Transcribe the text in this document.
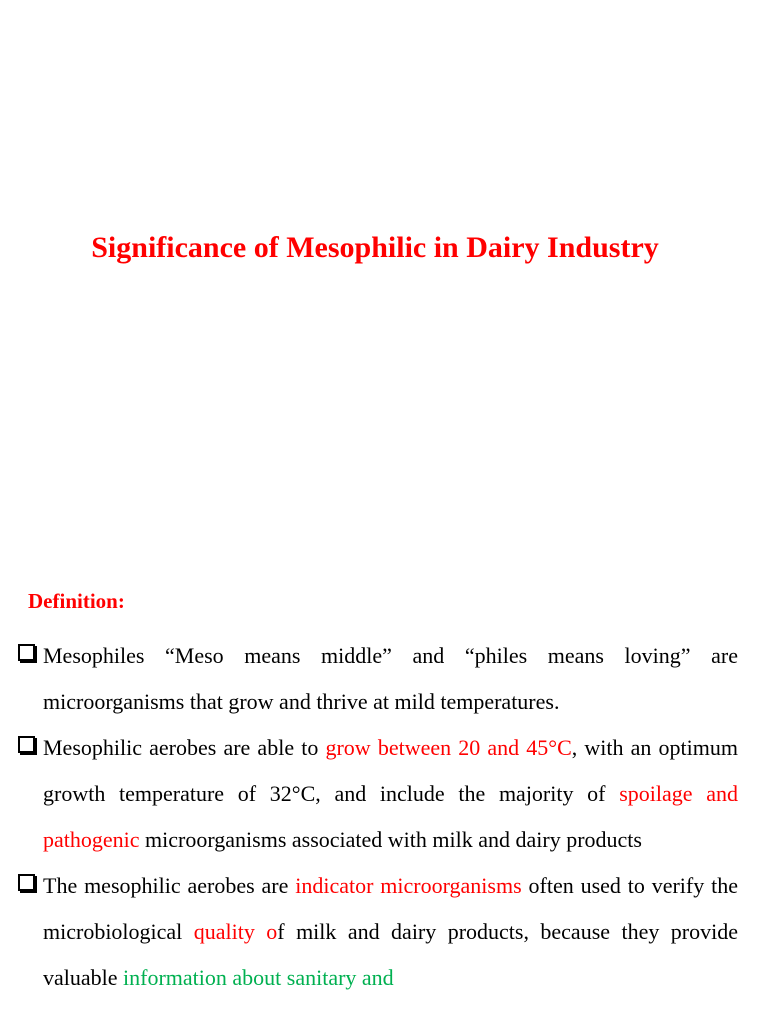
Significance of Mesophilic in Dairy Industry
Definition:
Mesophiles “Meso means middle” and “philes means loving” are microorganisms that grow and thrive at mild temperatures.
Mesophilic aerobes are able to grow between 20 and 45°C, with an optimum growth temperature of 32°C, and include the majority of spoilage and pathogenic microorganisms associated with milk and dairy products
The mesophilic aerobes are indicator microorganisms often used to verify the microbiological quality of milk and dairy products, because they provide valuable information about sanitary and
